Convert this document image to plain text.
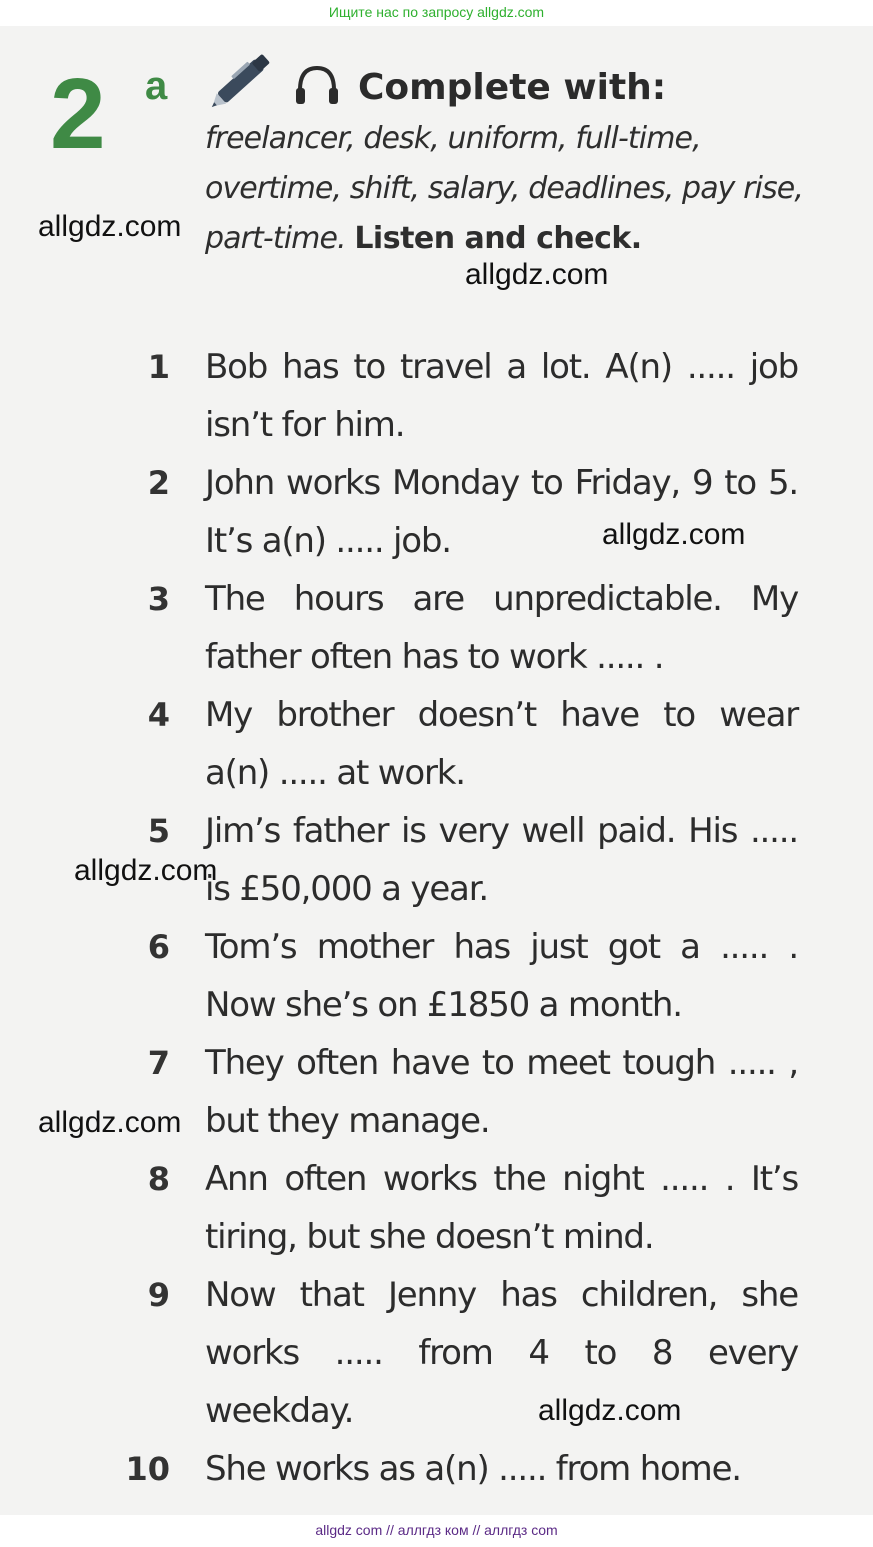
Ищите нас по запросу allgdz.com
2 a	Complete with:
freelancer, desk, uniform, full-time, overtime, shift, salary, deadlines, pay rise, part-time. Listen and check.
1 Bob has to travel a lot. A(n) ..... job isn’t for him.
2 John works Monday to Friday, 9 to 5. It’s a(n) ..... job.
3 The hours are unpredictable. My father often has to work ..... .
4 My brother doesn’t have to wear a(n) ..... at work.
5 Jim’s father is very well paid. His ..... is £50,000 a year.
6 Tom’s mother has just got a ..... . Now she’s on £1850 a month.
7 They often have to meet tough ..... , but they manage.
8 Ann often works the night ..... . It’s tiring, but she doesn’t mind.
9 Now that Jenny has children, she works ..... from 4 to 8 every weekday.
10 She works as a(n) ..... from home.
allgdz.com
allgdz.com
allgdz.com
allgdz.com
allgdz.com
allgdz.com
allgdz com // аллгдз ком // аллгдз com
